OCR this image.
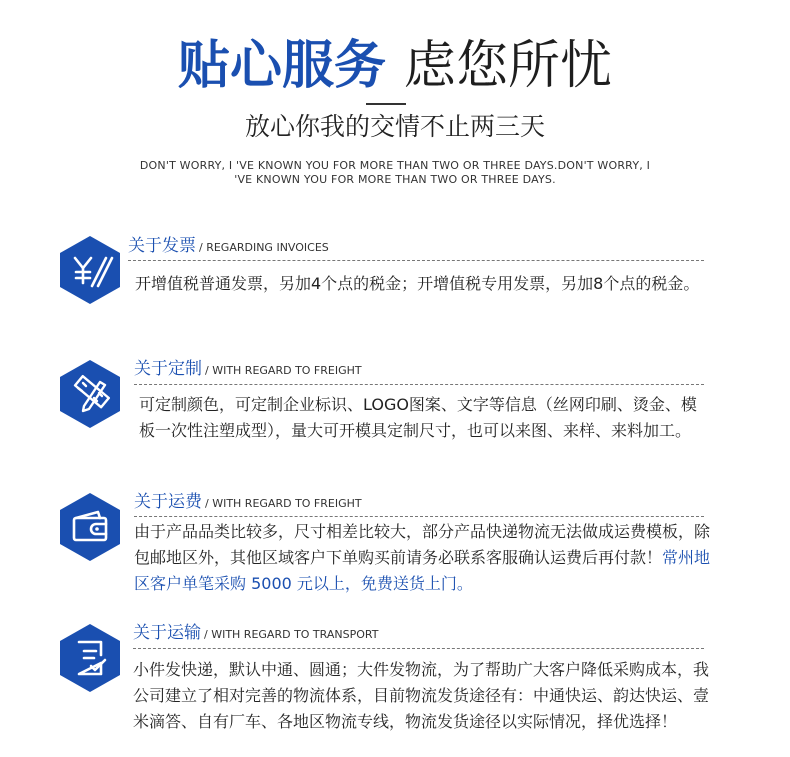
贴心服务 虑您所忧
放心你我的交情不止两三天
DON'T WORRY, I 'VE KNOWN YOU FOR MORE THAN TWO OR THREE DAYS.DON'T WORRY, I 'VE KNOWN YOU FOR MORE THAN TWO OR THREE DAYS.
关于发票 / REGARDING INVOICES
开增值税普通发票，另加4个点的税金；开增值税专用发票，另加8个点的税金。
关于定制 / WITH REGARD TO FREIGHT
可定制颜色，可定制企业标识、LOGO图案、文字等信息（丝网印刷、烫金、模板一次性注塑成型），量大可开模具定制尺寸，也可以来图、来样、来料加工。
关于运费 / WITH REGARD TO FREIGHT
由于产品品类比较多，尺寸相差比较大，部分产品快递物流无法做成运费模板，除包邮地区外，其他区域客户下单购买前请务必联系客服确认运费后再付款！常州地区客户单笔采购 5000 元以上，免费送货上门。
关于运输 / WITH REGARD TO TRANSPORT
小件发快递，默认中通、圆通；大件发物流，为了帮助广大客户降低采购成本，我公司建立了相对完善的物流体系，目前物流发货途径有：中通快运、韵达快运、壹米滴答、自有厂车、各地区物流专线，物流发货途径以实际情况，择优选择！
